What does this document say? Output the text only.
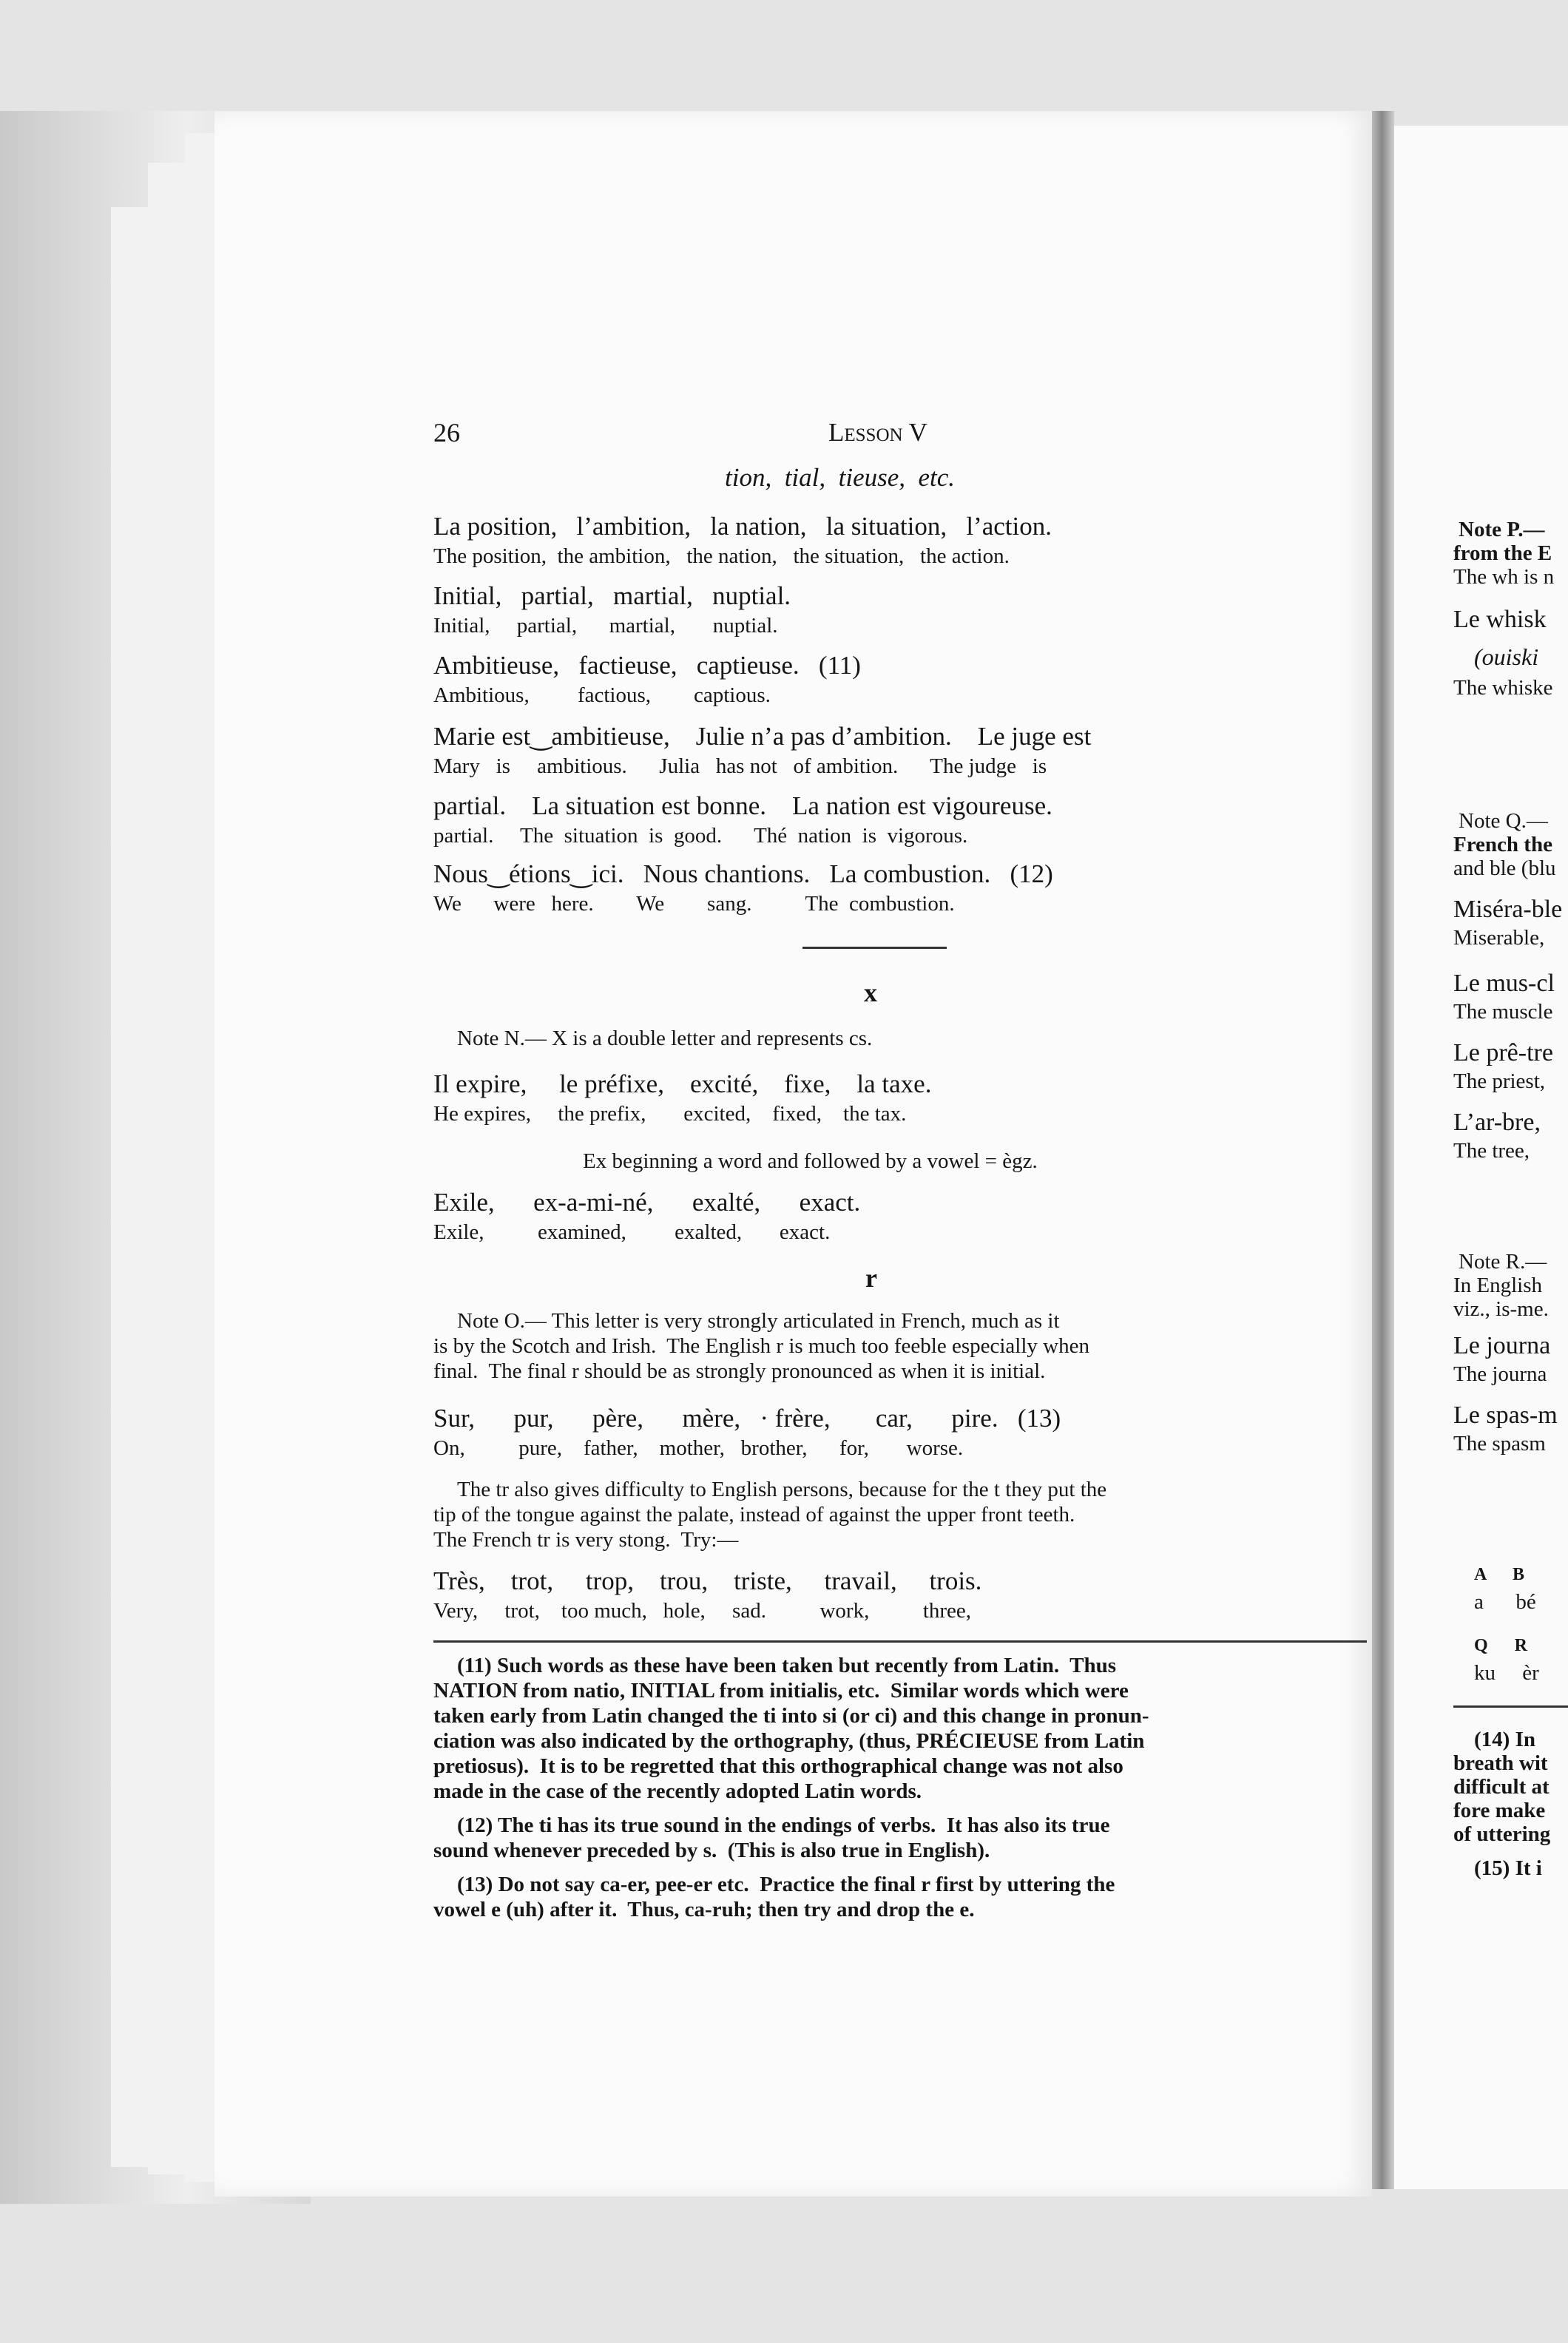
26	Lesson V
tion,  tial,  tieuse,  etc.
La position,   l’ambition,   la nation,   la situation,   l’action.
The position,  the ambition,   the nation,   the situation,   the action.
Initial,   partial,   martial,   nuptial.
Initial,     partial,      martial,       nuptial.
Ambitieuse,   factieuse,   captieuse.   (11)
Ambitious,         factious,        captious.
Marie est‿ambitieuse,    Julie n’a pas d’ambition.    Le juge est
Mary   is     ambitious.      Julia   has not   of ambition.      The judge   is
partial.    La situation est bonne.    La nation est vigoureuse.
partial.     The  situation  is  good.      Thé  nation  is  vigorous.
Nous‿étions‿ici.   Nous chantions.   La combustion.   (12)
We      were   here.        We        sang.          The  combustion.
x
Note N.— X is a double letter and represents cs.
Il expire,     le préfixe,    excité,    fixe,    la taxe.
He expires,     the prefix,       excited,    fixed,    the tax.
Ex beginning a word and followed by a vowel = ègz.
Exile,      ex-a-mi-né,      exalté,      exact.
Exile,          examined,         exalted,       exact.
r
Note O.— This letter is very strongly articulated in French, much as it
is by the Scotch and Irish.  The English r is much too feeble especially when
final.  The final r should be as strongly pronounced as when it is initial.
Sur,      pur,      père,      mère,   · frère,       car,      pire.   (13)
On,          pure,    father,    mother,   brother,      for,       worse.
The tr also gives difficulty to English persons, because for the t they put the
tip of the tongue against the palate, instead of against the upper front teeth.
The French tr is very stong.  Try:—
Très,    trot,     trop,    trou,    triste,     travail,     trois.
Very,     trot,    too much,   hole,     sad.          work,          three,
(11) Such words as these have been taken but recently from Latin.  Thus
NATION from natio, INITIAL from initialis, etc.  Similar words which were
taken early from Latin changed the ti into si (or ci) and this change in pronun-
ciation was also indicated by the orthography, (thus, PRÉCIEUSE from Latin
pretiosus).  It is to be regretted that this orthographical change was not also
made in the case of the recently adopted Latin words.
(12) The ti has its true sound in the endings of verbs.  It has also its true
sound whenever preceded by s.  (This is also true in English).
(13) Do not say ca-er, pee-er etc.  Practice the final r first by uttering the
vowel e (uh) after it.  Thus, ca-ruh; then try and drop the e.
Note P.—
from the E
The wh is n
Le whisk
(ouiski
The whiske
Note Q.—
French the
and ble (blu
Miséra-ble
Miserable,
Le mus-cl
The muscle
Le prê-tre
The priest,
L’ar-bre,
The tree,
Note R.—
In English
viz., is-me.
Le journa
The journa
Le spas-m
The spasm
A      B
a      bé
Q      R
ku     èr
(14) In
breath wit
difficult at
fore make
of uttering
(15) It i
